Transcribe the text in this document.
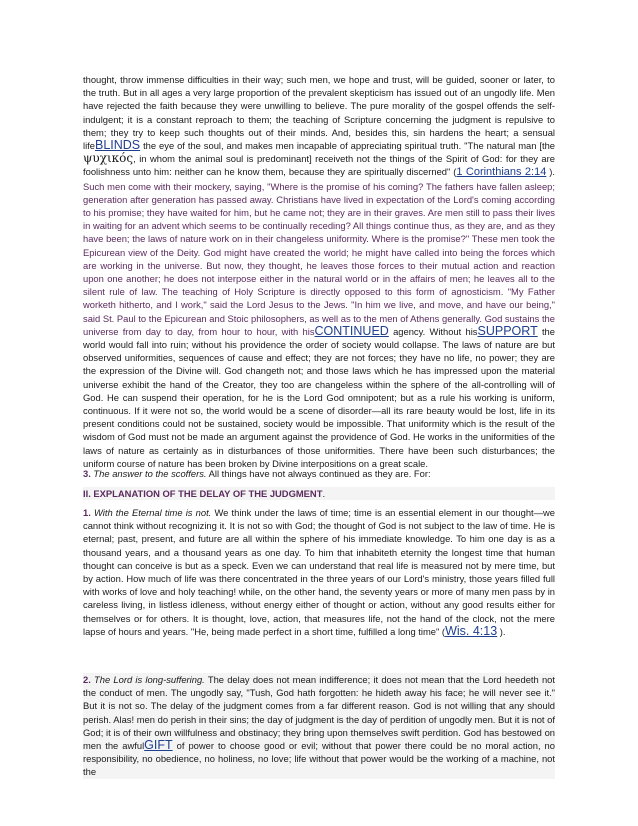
thought, throw immense difficulties in their way; such men, we hope and trust, will be guided, sooner or later, to the truth. But in all ages a very large proportion of the prevalent skepticism has issued out of an ungodly life. Men have rejected the faith because they were unwilling to believe. The pure morality of the gospel offends the self-indulgent; it is a constant reproach to them; the teaching of Scripture concerning the judgment is repulsive to them; they try to keep such thoughts out of their minds. And, besides this, sin hardens the heart; a sensual lifeBLINDS the eye of the soul, and makes men incapable of appreciating spiritual truth. "The natural man [the ψυχικός, in whom the animal soul is predominant] receiveth not the things of the Spirit of God: for they are foolishness unto him: neither can he know them, because they are spiritually discerned" (1 Corinthians 2:14 ). Such men come with their mockery, saying, "Where is the promise of his coming? The fathers have fallen asleep; generation after generation has passed away. Christians have lived in expectation of the Lord's coming according to his promise; they have waited for him, but he came not; they are in their graves. Are men still to pass their lives in waiting for an advent which seems to be continually receding? All things continue thus, as they are, and as they have been; the laws of nature work on in their changeless uniformity. Where is the promise?" These men took the Epicurean view of the Deity. God might have created the world; he might have called into being the forces which are working in the universe. But now, they thought, he leaves those forces to their mutual action and reaction upon one another; he does not interpose either in the natural world or in the affairs of men; he leaves all to the silent rule of law. The teaching of Holy Scripture is directly opposed to this form of agnosticism. "My Father worketh hitherto, and I work," said the Lord Jesus to the Jews. "In him we live, and move, and have our being," said St. Paul to the Epicurean and Stoic philosophers, as well as to the men of Athens generally. God sustains the universe from day to day, from hour to hour, with hisCONTINUED agency. Without hisSUPPORT the world would fall into ruin; without his providence the order of society would collapse. The laws of nature are but observed uniformities, sequences of cause and effect; they are not forces; they have no life, no power; they are the expression of the Divine will. God changeth not; and those laws which he has impressed upon the material universe exhibit the hand of the Creator, they too are changeless within the sphere of the all-controlling will of God. He can suspend their operation, for he is the Lord God omnipotent; but as a rule his working is uniform, continuous. If it were not so, the world would be a scene of disorder—all its rare beauty would be lost, life in its present conditions could not be sustained, society would be impossible. That uniformity which is the result of the wisdom of God must not be made an argument against the providence of God. He works in the uniformities of the laws of nature as certainly as in disturbances of those uniformities. There have been such disturbances; the uniform course of nature has been broken by Divine interpositions on a great scale.

3. The answer to the scoffers. All things have not always continued as they are. For:

II. EXPLANATION OF THE DELAY OF THE JUDGMENT.

1. With the Eternal time is not. We think under the laws of time; time is an essential element in our thought—we cannot think without recognizing it. It is not so with God; the thought of God is not subject to the law of time. He is eternal; past, present, and future are all within the sphere of his immediate knowledge. To him one day is as a thousand years, and a thousand years as one day. To him that inhabiteth eternity the longest time that human thought can conceive is but as a speck. Even we can understand that real life is measured not by mere time, but by action. How much of life was there concentrated in the three years of our Lord's ministry, those years filled full with works of love and holy teaching! while, on the other hand, the seventy years or more of many men pass by in careless living, in listless idleness, without energy either of thought or action, without any good results either for themselves or for others. It is thought, love, action, that measures life, not the hand of the clock, not the mere lapse of hours and years. "He, being made perfect in a short time, fulfilled a long time" (Wis. 4:13 ).

2. The Lord is long-suffering. The delay does not mean indifference; it does not mean that the Lord heedeth not the conduct of men. The ungodly say, "Tush, God hath forgotten: he hideth away his face; he will never see it." But it is not so. The delay of the judgment comes from a far different reason. God is not willing that any should perish. Alas! men do perish in their sins; the day of judgment is the day of perdition of ungodly men. But it is not of God; it is of their own willfulness and obstinacy; they bring upon themselves swift perdition. God has bestowed on men the awfulGIFT of power to choose good or evil; without that power there could be no moral action, no responsibility, no obedience, no holiness, no love; life without that power would be the working of a machine, not the
